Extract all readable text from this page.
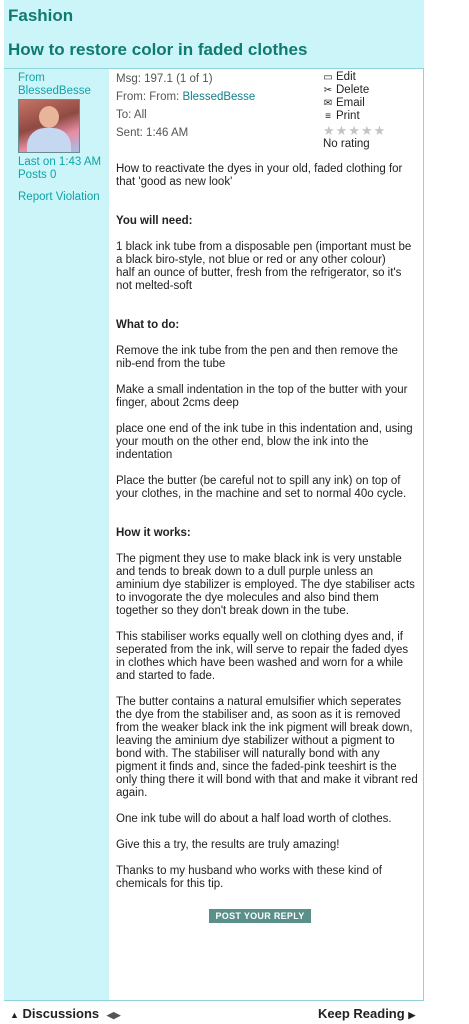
Fashion
How to restore color in faded clothes
From
BlessedBesse
Last on 1:43 AM
Posts 0
Report Violation
Msg: 197.1 (1 of 1)
From: From: BlessedBesse
To: All
Sent: 1:46 AM
▭ Edit
✂ Delete
✉ Email
≡ Print
★★★★★
No rating

How to reactivate the dyes in your old, faded clothing for that 'good as new look'

You will need:

1 black ink tube from a disposable pen (important must be a black biro-style, not blue or red or any other colour)

half an ounce of butter, fresh from the refrigerator, so it's not melted-soft

What to do:

Remove the ink tube from the pen and then remove the nib-end from the tube

Make a small indentation in the top of the butter with your finger, about 2cms deep

place one end of the ink tube in this indentation and, using your mouth on the other end, blow the ink into the indentation

Place the butter (be careful not to spill any ink) on top of your clothes, in the machine and set to normal 40o cycle.

How it works:

The pigment they use to make black ink is very unstable and tends to break down to a dull purple unless an aminium dye stabilizer is employed. The dye stabiliser acts to invogorate the dye molecules and also bind them together so they don't break down in the tube.

This stabiliser works equally well on clothing dyes and, if seperated from the ink, will serve to repair the faded dyes in clothes which have been washed and worn for a while and started to fade.

The butter contains a natural emulsifier which seperates the dye from the stabiliser and, as soon as it is removed from the weaker black ink the ink pigment will break down, leaving the aminium dye stabilizer without a pigment to bond with. The stabiliser will naturally bond with any pigment it finds and, since the faded-pink teeshirt is the only thing there it will bond with that and make it vibrant red again.

One ink tube will do about a half load worth of clothes.

Give this a try, the results are truly amazing!

Thanks to my husband who works with these kind of chemicals for this tip.

POST YOUR REPLY
▲ Discussions ◀▶	Keep Reading ▶
